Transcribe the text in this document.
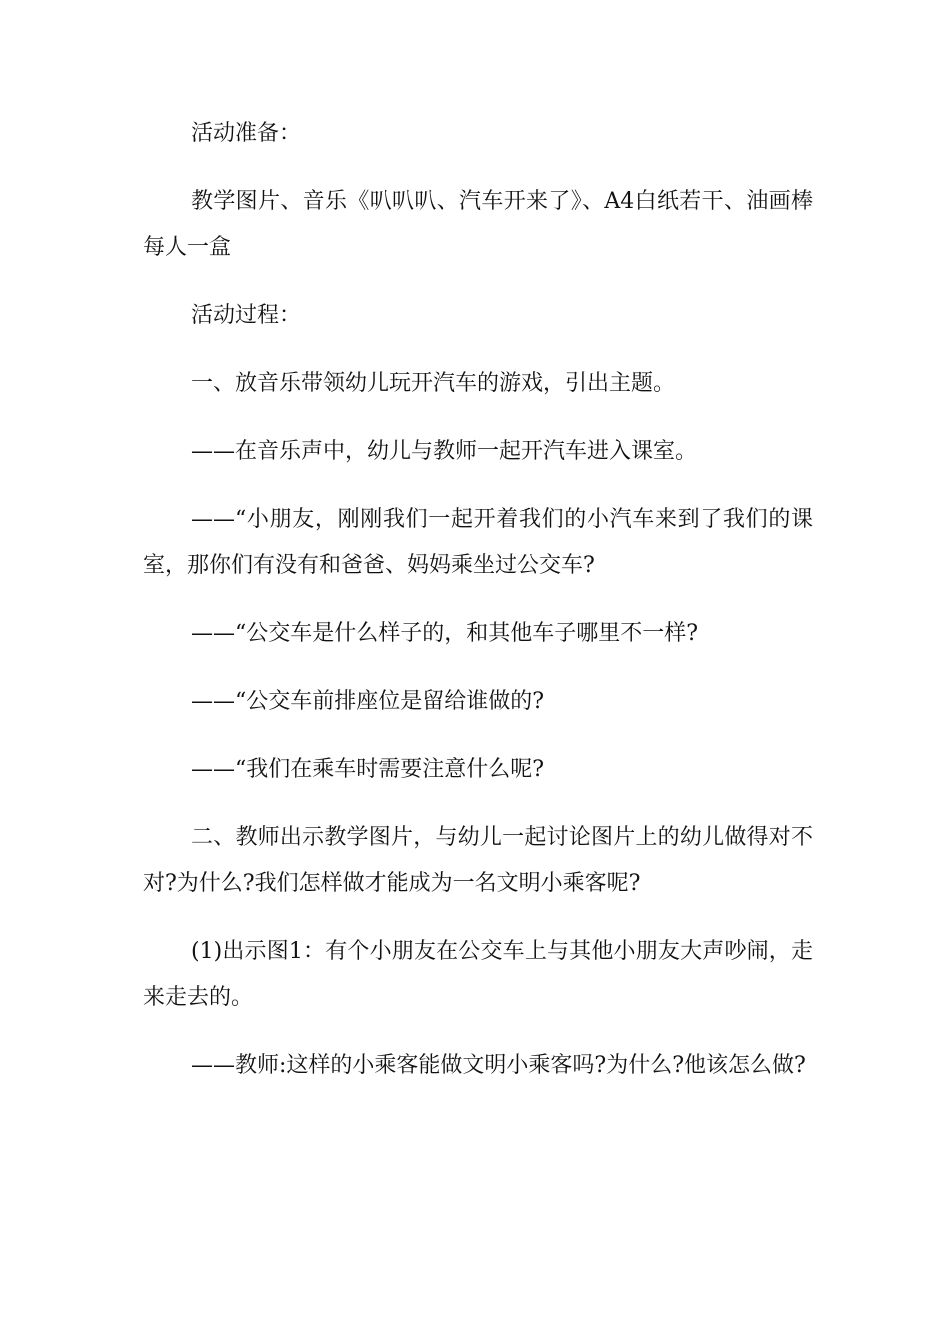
活动准备：

教学图片、音乐《叭叭叭、汽车开来了》、A4白纸若干、油画棒每人一盒

活动过程：

一、放音乐带领幼儿玩开汽车的游戏，引出主题。

——在音乐声中，幼儿与教师一起开汽车进入课室。

——“小朋友，刚刚我们一起开着我们的小汽车来到了我们的课室，那你们有没有和爸爸、妈妈乘坐过公交车?

——“公交车是什么样子的，和其他车子哪里不一样?

——“公交车前排座位是留给谁做的?

——“我们在乘车时需要注意什么呢?

二、教师出示教学图片，与幼儿一起讨论图片上的幼儿做得对不对?为什么?我们怎样做才能成为一名文明小乘客呢?

(1)出示图1：有个小朋友在公交车上与其他小朋友大声吵闹，走来走去的。

——教师:这样的小乘客能做文明小乘客吗?为什么?他该怎么做?
